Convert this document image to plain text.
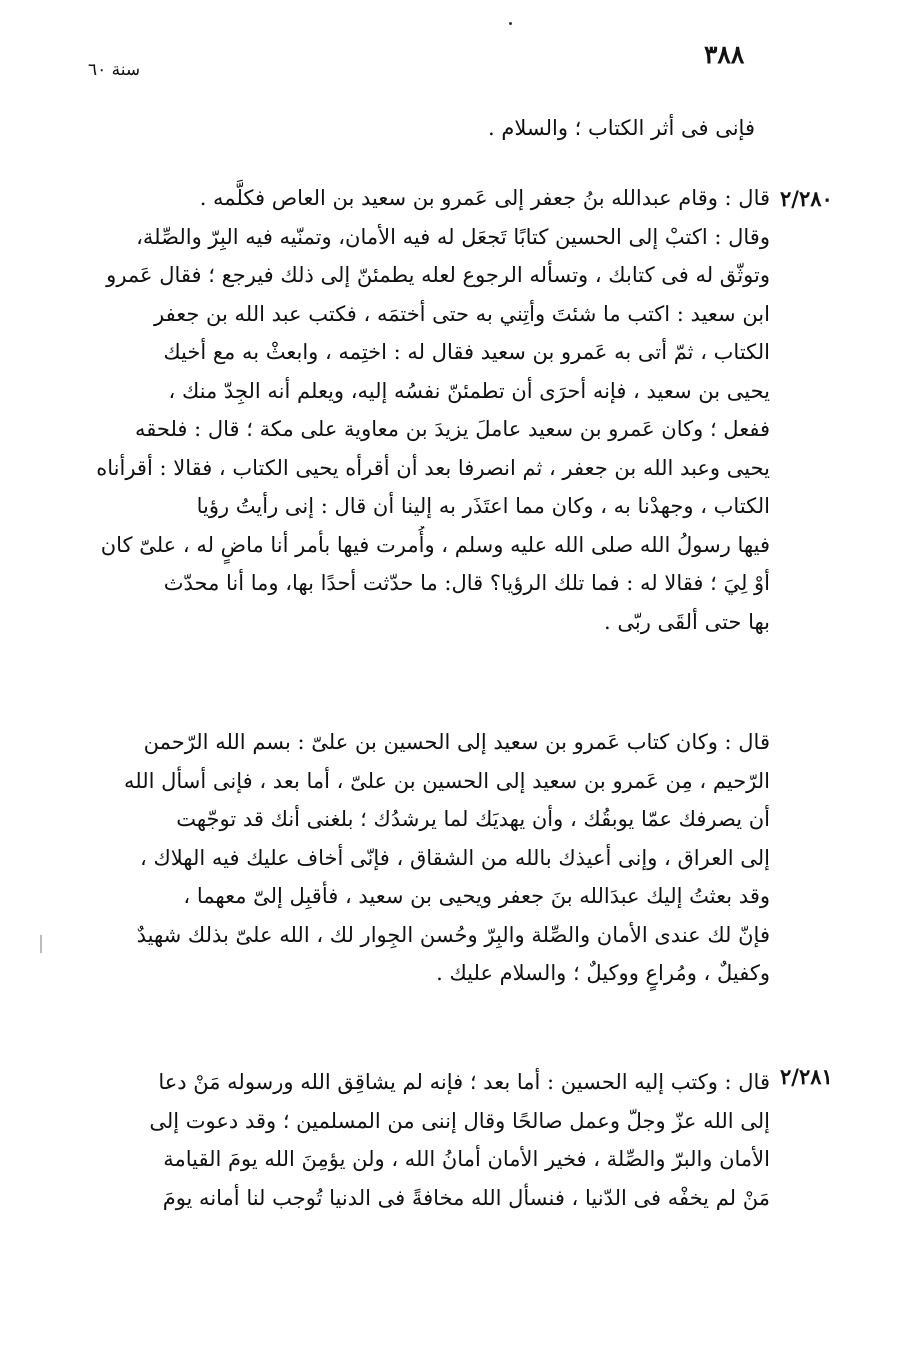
٣٨٨
سنة ٦٠
٢/٢٨٠
٢/٢٨١
فإنى فى أثر الكتاب ؛ والسلام .
قال : وقام عبدالله بنُ جعفر إلى عَمرو بن سعيد بن العاص فكلَّمه .
وقال : اكتبْ إلى الحسين كتابًا تَجعَل له فيه الأمان، وتمنّيه فيه البِرّ والصِّلة،
وتوثّق له فى كتابك ، وتسأله الرجوع لعله يطمئنّ إلى ذلك فيرجع ؛ فقال عَمرو
ابن سعيد : اكتب ما شئتَ وأتِني به حتى أختمَه ، فكتب عبد الله بن جعفر
الكتاب ، ثمّ أتى به عَمرو بن سعيد فقال له : اختِمه ، وابعثْ به مع أخيك
يحيى بن سعيد ، فإنه أحرَى أن تطمئنّ نفسُه إليه، ويعلم أنه الجِدّ منك ،
ففعل ؛ وكان عَمرو بن سعيد عاملَ يزيدَ بن معاوية على مكة ؛ قال : فلحقه
يحيى وعبد الله بن جعفر ، ثم انصرفا بعد أن أقرأه يحيى الكتاب ، فقالا : أقرأناه
الكتاب ، وجهدْنا به ، وكان مما اعتَذَر به إلينا أن قال : إنى رأيتُ رؤيا
فيها رسولُ الله صلى الله عليه وسلم ، وأُمرت فيها بأمر أنا ماضٍ له ، علىّ كان
أوْ لِيَ ؛ فقالا له : فما تلك الرؤيا؟ قال: ما حدّثت أحدًا بها، وما أنا محدّث
بها حتى ألقَى ربّى .
قال : وكان كتاب عَمرو بن سعيد إلى الحسين بن علىّ : بسم الله الرّحمن
الرّحيم ، مِن عَمرو بن سعيد إلى الحسين بن علىّ ، أما بعد ، فإنى أسأل الله
أن يصرفك عمّا يوبقُك ، وأن يهديَك لما يرشدُك ؛ بلغنى أنك قد توجّهت
إلى العراق ، وإنى أعيذك بالله من الشقاق ، فإنّى أخاف عليك فيه الهلاك ،
وقد بعثتُ إليك عبدَالله بنَ جعفر ويحيى بن سعيد ، فأقبِل إلىّ معهما ،
فإنّ لك عندى الأمان والصِّلة والبِرّ وحُسن الجِوار لك ، الله علىّ بذلك شهيدٌ
وكفيلٌ ، ومُراعٍ ووكيلٌ ؛ والسلام عليك .
قال : وكتب إليه الحسين : أما بعد ؛ فإنه لم يشاقِق الله ورسوله مَنْ دعا
إلى الله عزّ وجلّ وعمل صالحًا وقال إننى من المسلمين ؛ وقد دعوت إلى
الأمان والبرّ والصِّلة ، فخير الأمان أمانُ الله ، ولن يؤمِنَ الله يومَ القيامة
مَنْ لم يخفْه فى الدّنيا ، فنسأل الله مخافةً فى الدنيا تُوجب لنا أمانه يومَ
